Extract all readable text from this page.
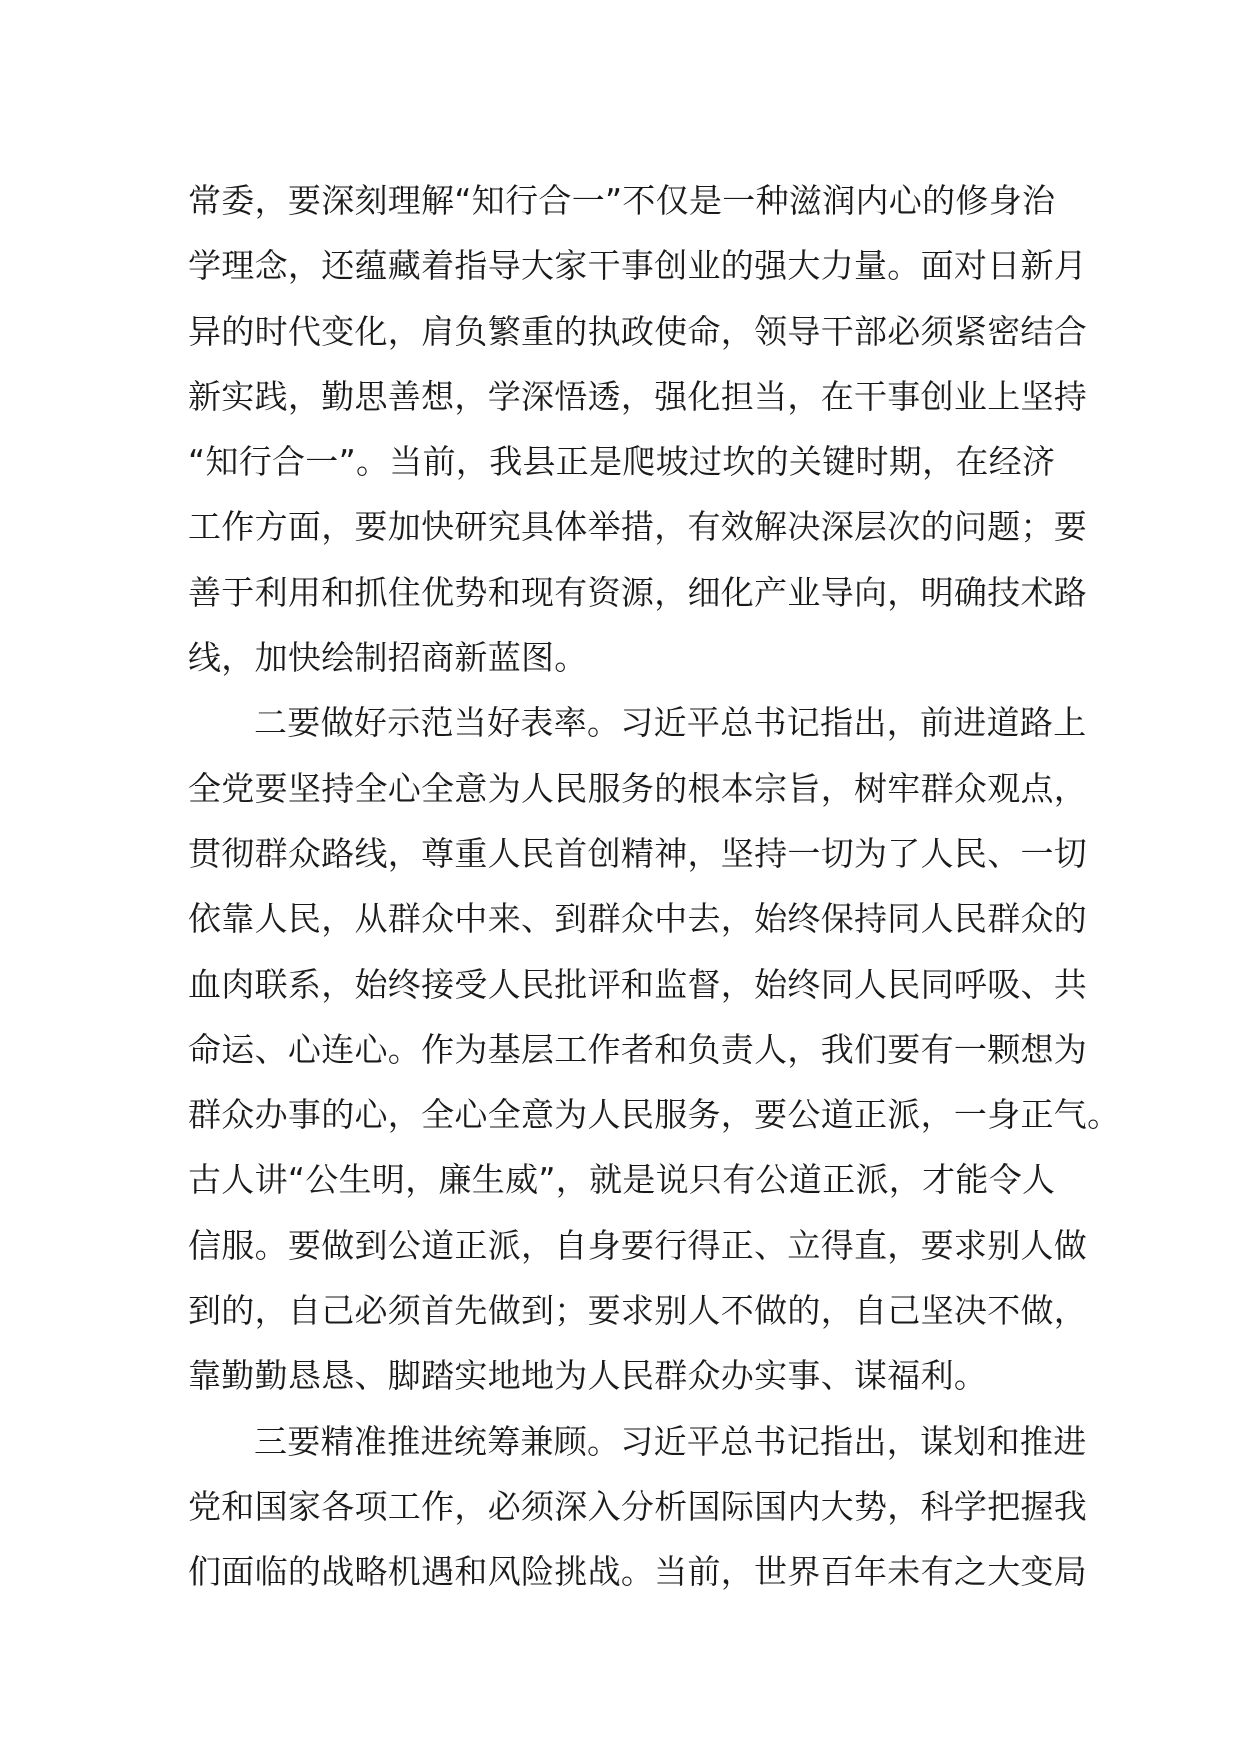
常委，要深刻理解“知行合一”不仅是一种滋润内心的修身治
学理念，还蕴藏着指导大家干事创业的强大力量。面对日新月
异的时代变化，肩负繁重的执政使命，领导干部必须紧密结合
新实践，勤思善想，学深悟透，强化担当，在干事创业上坚持
“知行合一”。当前，我县正是爬坡过坎的关键时期，在经济
工作方面，要加快研究具体举措，有效解决深层次的问题；要
善于利用和抓住优势和现有资源，细化产业导向，明确技术路
线，加快绘制招商新蓝图。
二要做好示范当好表率。习近平总书记指出，前进道路上
全党要坚持全心全意为人民服务的根本宗旨，树牢群众观点，
贯彻群众路线，尊重人民首创精神，坚持一切为了人民、一切
依靠人民，从群众中来、到群众中去，始终保持同人民群众的
血肉联系，始终接受人民批评和监督，始终同人民同呼吸、共
命运、心连心。作为基层工作者和负责人，我们要有一颗想为
群众办事的心，全心全意为人民服务，要公道正派，一身正气。
古人讲“公生明，廉生威”，就是说只有公道正派，才能令人
信服。要做到公道正派，自身要行得正、立得直，要求别人做
到的，自己必须首先做到；要求别人不做的，自己坚决不做，
靠勤勤恳恳、脚踏实地地为人民群众办实事、谋福利。
三要精准推进统筹兼顾。习近平总书记指出，谋划和推进
党和国家各项工作，必须深入分析国际国内大势，科学把握我
们面临的战略机遇和风险挑战。当前，世界百年未有之大变局
